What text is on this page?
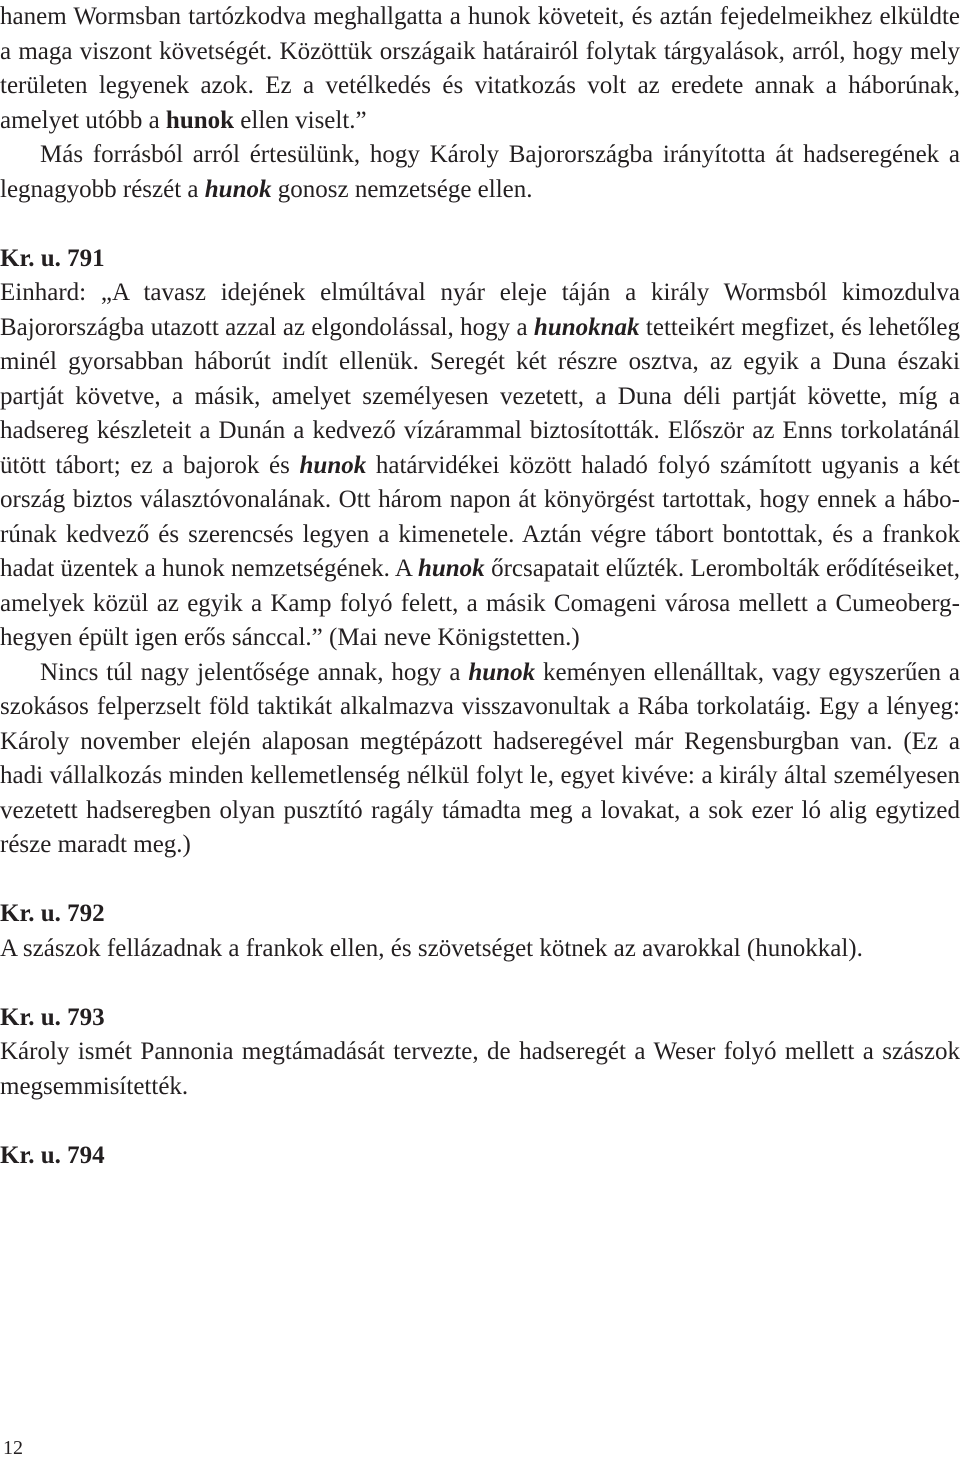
hanem Wormsban tartózkodva meghallgatta a hunok követeit, és aztán fejedelmeikhez elküldte a maga viszont követségét. Közöttük országaik határairól folytak tárgyalások, arról, hogy mely területen legyenek azok. Ez a vetélkedés és vitatkozás volt az eredete annak a háborúnak, amelyet utóbb a hunok ellen viselt.”

Más forrásból arról értesülünk, hogy Károly Bajorországba irányította át hadseregének a legnagyobb részét a hunok gonosz nemzetsége ellen.

Kr. u. 791

Einhard: „A tavasz idejének elmúltával nyár eleje táján a király Wormsból kimozdulva Bajorországba utazott azzal az elgondolással, hogy a hunoknak tetteikért megfizet, és lehetőleg minél gyorsabban háborút indít ellenük. Seregét két részre osztva, az egyik a Duna északi partját követve, a másik, amelyet személyesen vezetett, a Duna déli partját követte, míg a hadsereg készleteit a Dunán a kedvező vízárammal biztosították. Először az Enns torkolatánál ütött tábort; ez a bajorok és hunok határvidékei között haladó folyó számított ugyanis a két ország biztos választóvonalának. Ott három napon át könyörgést tartottak, hogy ennek a háborúnak kedvező és szerencsés legyen a kimenetele. Aztán végre tábort bontottak, és a frankok hadat üzentek a hunok nemzetségének. A hunok őrcsapatait elűzték. Lerombolták erődítéseiket, amelyek közül az egyik a Kamp folyó felett, a másik Comageni városa mellett a Cumeoberg-hegyen épült igen erős sánccal.” (Mai neve Königstetten.)

Nincs túl nagy jelentősége annak, hogy a hunok keményen ellenálltak, vagy egyszerűen a szokásos felperzselt föld taktikát alkalmazva visszavonultak a Rába torkolatáig. Egy a lényeg: Károly november elején alaposan megtépázott hadseregével már Regensburgban van. (Ez a hadi vállalkozás minden kellemetlenség nélkül folyt le, egyet kivéve: a király által személyesen vezetett hadseregben olyan pusztító ragály támadta meg a lovakat, a sok ezer ló alig egytized része maradt meg.)

Kr. u. 792

A szászok fellázadnak a frankok ellen, és szövetséget kötnek az avarokkal (hunokkal).

Kr. u. 793

Károly ismét Pannonia megtámadását tervezte, de hadseregét a Weser folyó mellett a szászok megsemmisítették.

Kr. u. 794

12
